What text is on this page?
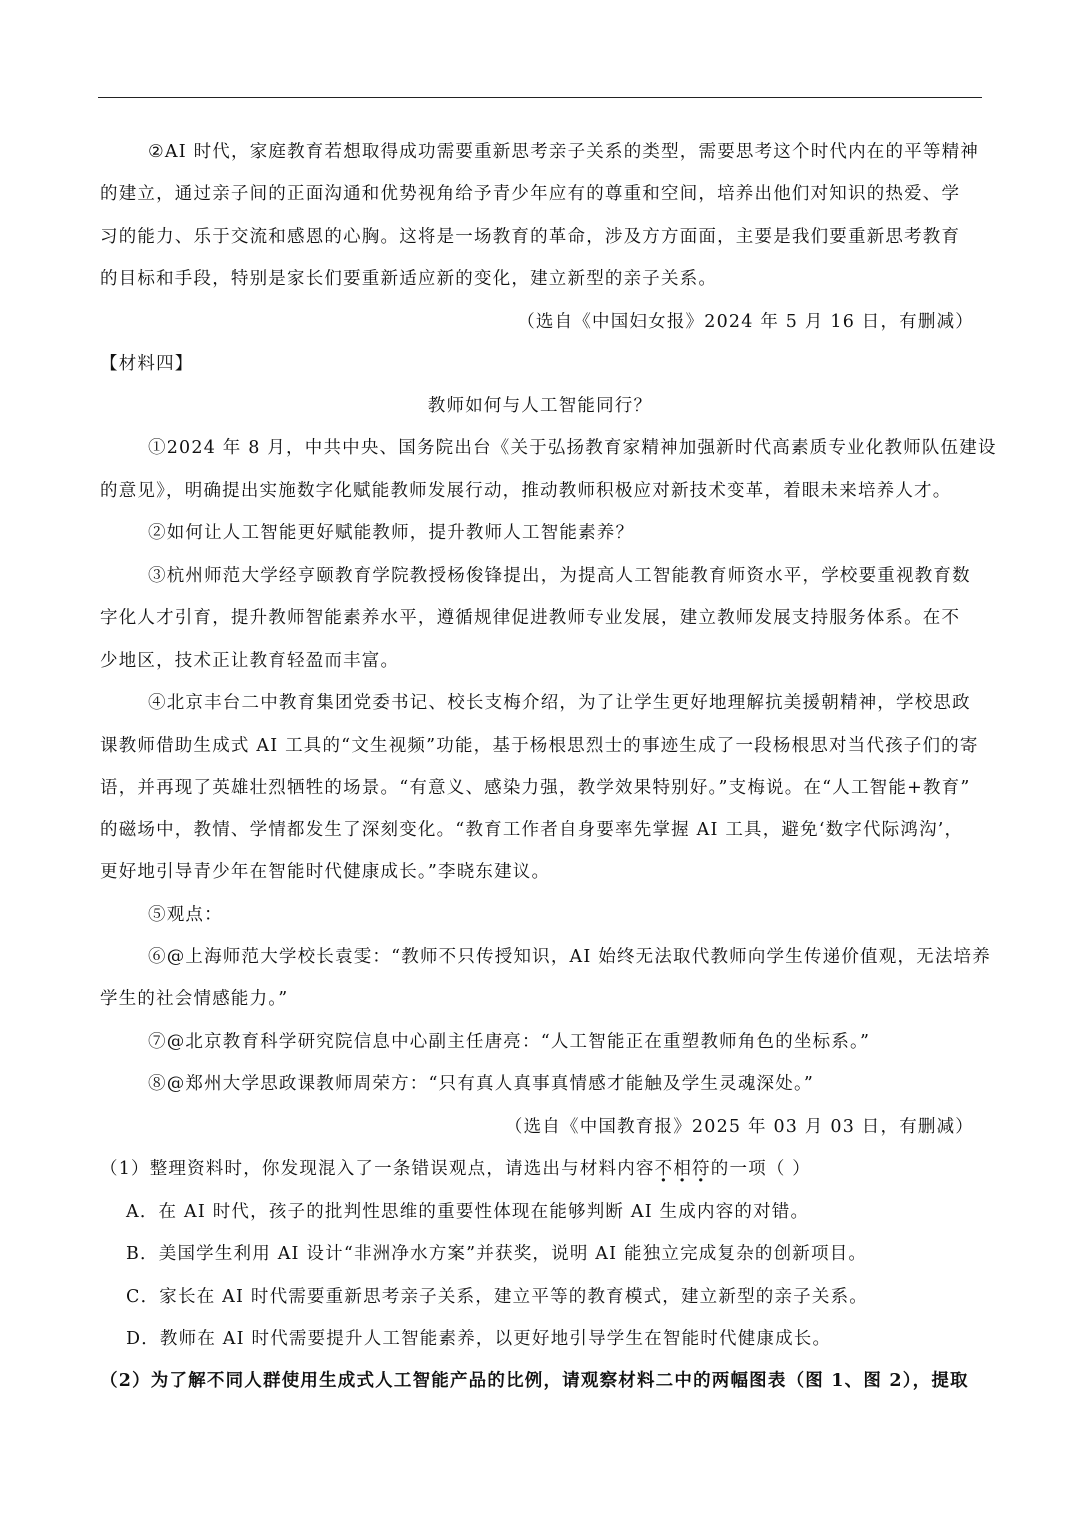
②AI 时代，家庭教育若想取得成功需要重新思考亲子关系的类型，需要思考这个时代内在的平等精神
的建立，通过亲子间的正面沟通和优势视角给予青少年应有的尊重和空间，培养出他们对知识的热爱、学
习的能力、乐于交流和感恩的心胸。这将是一场教育的革命，涉及方方面面，主要是我们要重新思考教育
的目标和手段，特别是家长们要重新适应新的变化，建立新型的亲子关系。
（选自《中国妇女报》2024 年 5 月 16 日，有删减）
【材料四】
教师如何与人工智能同行？
①2024 年 8 月，中共中央、国务院出台《关于弘扬教育家精神加强新时代高素质专业化教师队伍建设
的意见》，明确提出实施数字化赋能教师发展行动，推动教师积极应对新技术变革，着眼未来培养人才。
②如何让人工智能更好赋能教师，提升教师人工智能素养？
③杭州师范大学经亨颐教育学院教授杨俊锋提出，为提高人工智能教育师资水平，学校要重视教育数
字化人才引育，提升教师智能素养水平，遵循规律促进教师专业发展，建立教师发展支持服务体系。在不
少地区，技术正让教育轻盈而丰富。
④北京丰台二中教育集团党委书记、校长支梅介绍，为了让学生更好地理解抗美援朝精神，学校思政
课教师借助生成式 AI 工具的“文生视频”功能，基于杨根思烈士的事迹生成了一段杨根思对当代孩子们的寄
语，并再现了英雄壮烈牺牲的场景。“有意义、感染力强，教学效果特别好。”支梅说。在“人工智能+教育”
的磁场中，教情、学情都发生了深刻变化。“教育工作者自身要率先掌握 AI 工具，避免‘数字代际鸿沟’，
更好地引导青少年在智能时代健康成长。”李晓东建议。
⑤观点：
⑥@上海师范大学校长袁雯：“教师不只传授知识，AI 始终无法取代教师向学生传递价值观，无法培养
学生的社会情感能力。”
⑦@北京教育科学研究院信息中心副主任唐亮：“人工智能正在重塑教师角色的坐标系。”
⑧@郑州大学思政课教师周荣方：“只有真人真事真情感才能触及学生灵魂深处。”
（选自《中国教育报》2025 年 03 月 03 日，有删减）
（1）整理资料时，你发现混入了一条错误观点，请选出与材料内容不相符的一项（ ）
A．在 AI 时代，孩子的批判性思维的重要性体现在能够判断 AI 生成内容的对错。
B．美国学生利用 AI 设计“非洲净水方案”并获奖，说明 AI 能独立完成复杂的创新项目。
C．家长在 AI 时代需要重新思考亲子关系，建立平等的教育模式，建立新型的亲子关系。
D．教师在 AI 时代需要提升人工智能素养，以更好地引导学生在智能时代健康成长。
（2）为了解不同人群使用生成式人工智能产品的比例，请观察材料二中的两幅图表（图 1、图 2），提取
